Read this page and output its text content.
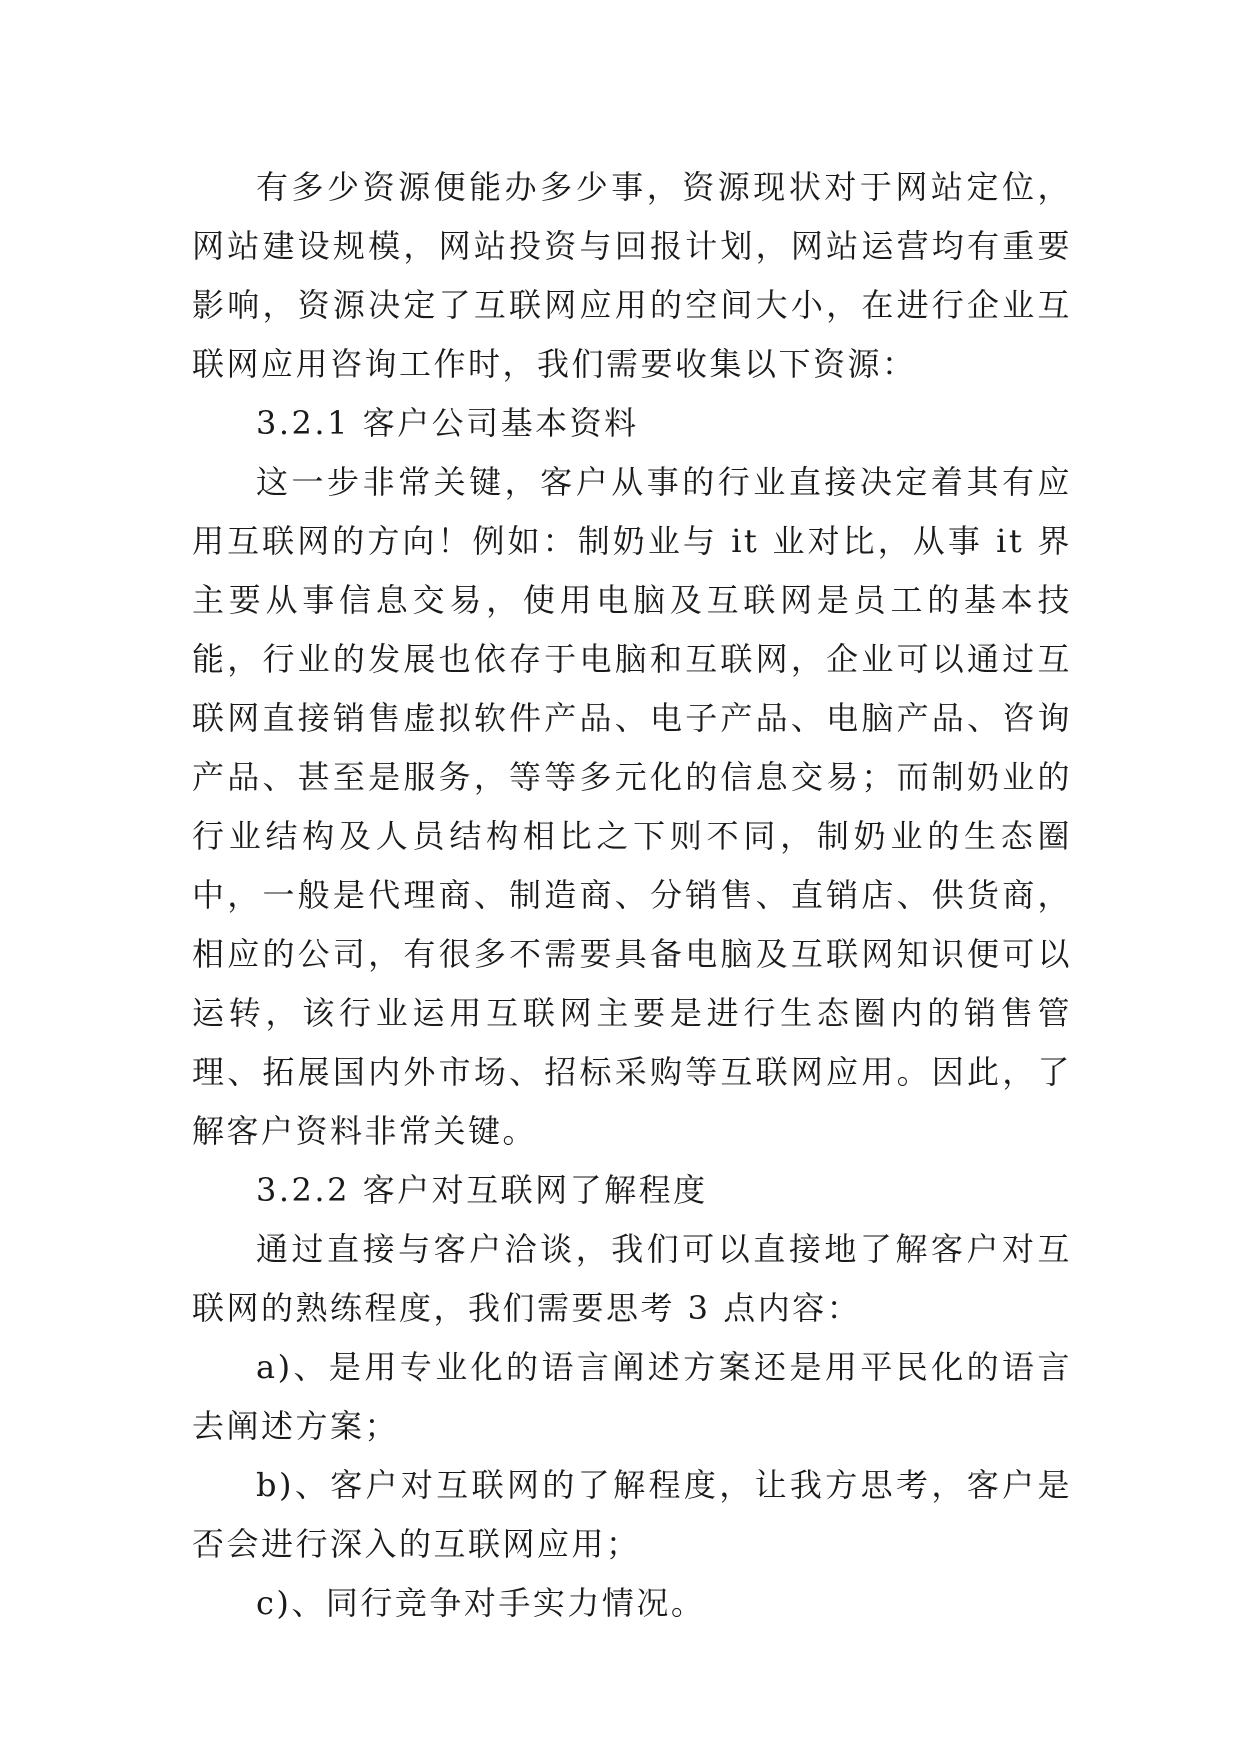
有多少资源便能办多少事，资源现状对于网站定位，网站建设规模，网站投资与回报计划，网站运营均有重要影响，资源决定了互联网应用的空间大小，在进行企业互联网应用咨询工作时，我们需要收集以下资源：

3.2.1 客户公司基本资料

这一步非常关键，客户从事的行业直接决定着其有应用互联网的方向！例如：制奶业与 it 业对比，从事 it 界主要从事信息交易，使用电脑及互联网是员工的基本技能，行业的发展也依存于电脑和互联网，企业可以通过互联网直接销售虚拟软件产品、电子产品、电脑产品、咨询产品、甚至是服务，等等多元化的信息交易；而制奶业的行业结构及人员结构相比之下则不同，制奶业的生态圈中，一般是代理商、制造商、分销售、直销店、供货商，相应的公司，有很多不需要具备电脑及互联网知识便可以运转，该行业运用互联网主要是进行生态圈内的销售管理、拓展国内外市场、招标采购等互联网应用。因此，了解客户资料非常关键。

3.2.2 客户对互联网了解程度

通过直接与客户洽谈，我们可以直接地了解客户对互联网的熟练程度，我们需要思考 3 点内容：

a)、是用专业化的语言阐述方案还是用平民化的语言去阐述方案；

b)、客户对互联网的了解程度，让我方思考，客户是否会进行深入的互联网应用；

c)、同行竞争对手实力情况。
